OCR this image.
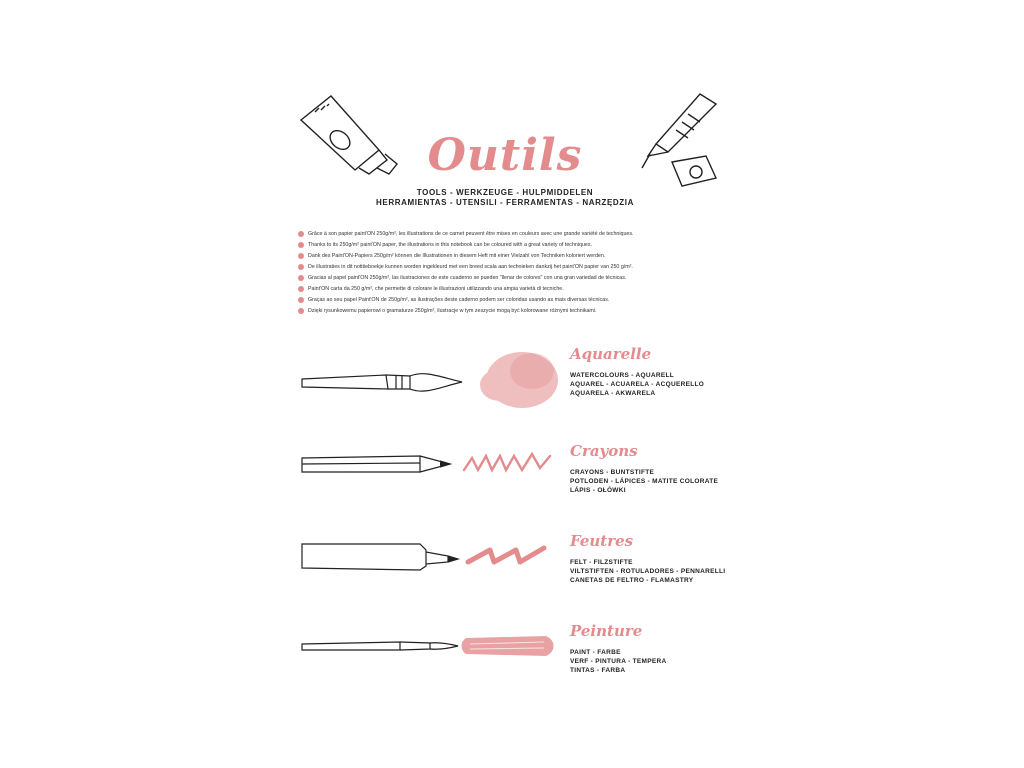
Outils
TOOLS - WERKZEUGE - HULPMIDDELEN
HERRAMIENTAS - UTENSILI - FERRAMENTAS - NARZĘDZIA
Grâce à son papier paint'ON 250g/m², les illustrations de ce carnet peuvent être mises en couleurs avec une grande variété de techniques.
Thanks to its 250g/m² paint'ON paper, the illustrations in this notebook can be coloured with a great variety of techniques.
Dank des Paint'ON-Papiers 250g/m² können die Illustrationen in diesem Heft mit einer Vielzahl von Techniken koloriert werden.
De illustraties in dit notitieboekje kunnen worden ingekleurd met een breed scala aan technieken dankzij het paint'ON papier van 250 g/m².
Gracias al papel paint'ON 250g/m², las ilustraciones de este cuaderno se pueden "llenar de colores" con una gran variedad de técnicas.
Paint'ON carta da 250 g/m², che permette di colorare le illustrazioni utilizzando una ampia varietà di tecniche.
Graças ao seu papel Paint'ON de 250g/m², as ilustrações deste caderno podem ser coloridas usando as mais diversas técnicas.
Dzięki rysunkowemu papierowi o gramaturze 250g/m², ilustracje w tym zeszycie mogą być kolorowane różnymi technikami.
Aquarelle
WATERCOLOURS - AQUARELL
AQUAREL - ACUARELA - ACQUERELLO
AQUARELA - AKWARELA
Crayons
CRAYONS - BUNTSTIFTE
POTLODEN - LÁPICES - MATITE COLORATE
LÁPIS - OŁÓWKI
Feutres
FELT - FILZSTIFTE
VILTSTIFTEN - ROTULADORES - PENNARELLI
CANETAS DE FELTRO - FLAMASTRY
Peinture
PAINT - FARBE
VERF - PINTURA - TEMPERA
TINTAS - FARBA
